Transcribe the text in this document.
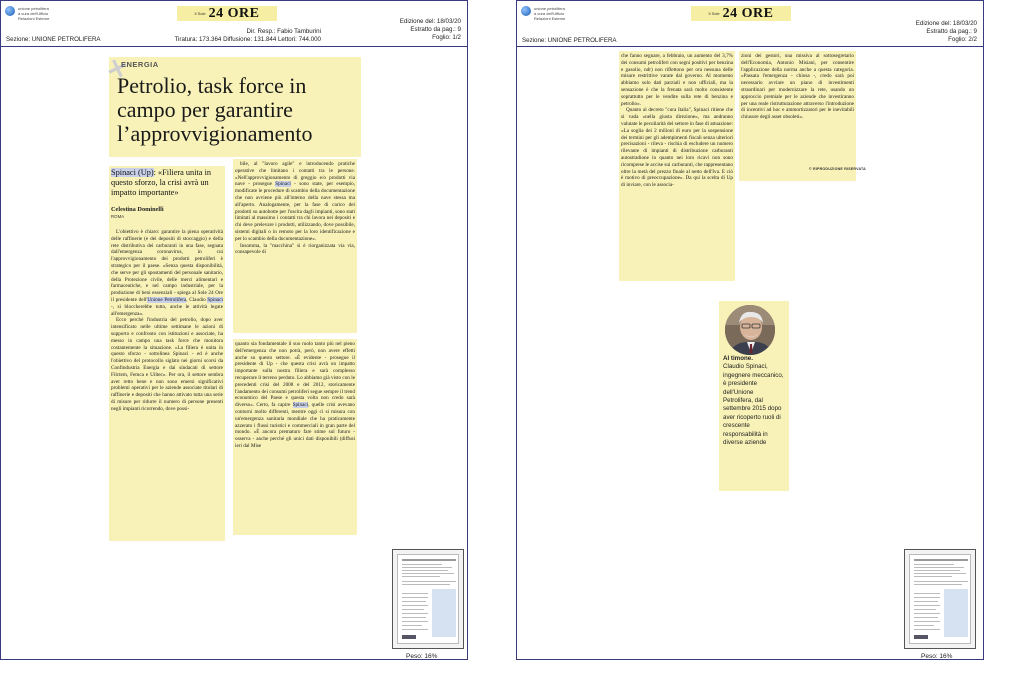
unione petrolifera
a cura dell'Ufficio
Relazioni Esterne
Il Sole 24 ORE
Dir. Resp.: Fabio Tamburini
Tiratura: 173.364 Diffusione: 131.844 Lettori: 744.000
Edizione del: 18/03/20
Estratto da pag.: 9
Foglio: 1/2
Sezione: UNIONE PETROLIFERA
✕
ENERGIA
Petrolio, task force in campo per garantire l’approvvigionamento
Spinaci (Up): «Filiera unita in questo sforzo, la crisi avrà un impatto importante»
Celestina Dominelli
ROMA

L'obiettivo è chiaro: garantire la piena operatività delle raffinerie (e dei depositi di stoccaggio) e della rete distributiva dei carburanti in una fase, segnata dall'emergenza coronavirus, in cui l'approvvigionamento dei prodotti petroliferi è strategico per il paese. «Senza questa disponibilità, che serve per gli spostamenti del personale sanitario, della Protezione civile, delle merci alimentari e farmaceutiche, e nel campo industriale, per la produzione di beni essenziali - spiega al Sole 24 Ore il presidente dell'Unione Petrolifera, Claudio Spinaci -, si bloccherebbe tutto, anche le attività legate all'emergenza».

Ecco perché l'industria del petrolio, dopo aver intensificato nelle ultime settimane le azioni di supporto e confronto con istituzioni e associate, ha messo in campo una task force che monitora costantemente la situazione. «La filiera è unita in questo sforzo - sottolinea Spinaci - ed è anche l'obiettivo del protocollo siglato nei giorni scorsi da Confindustria Energia e dai sindacati di settore Filctem, Femca e Uiltec». Per ora, il settore sembra aver retto bene e non sono emersi significativi problemi operativi per le aziende associate titolari di raffinerie e depositi che hanno attivato tutta una serie di misure per ridurre il numero di persone presenti negli impianti ricorrendo, dove possi-

bile, al "lavoro agile" e introducendo pratiche operative che limitano i contatti tra le persone. «Nell'approvvigionamento di greggio e/o prodotti via nave - prosegue Spinaci - sono state, per esempio, modificate le procedure di scambio della documentazione che non avviene più all'interno della nave stessa ma all'aperto. Analogamente, per la fase di carico dei prodotti su autobotte per l'uscita dagli impianti, sono stati limitati al massimo i contatti tra chi lavora nei depositi e chi deve prelevare i prodotti, utilizzando, dove possibile, sistemi digitali o in remoto per la loro identificazione e per lo scambio della documentazione».

Insomma, la "macchina" si è riorganizzata via via, consapevole di

quanto sia fondamentale il suo ruolo tanto più nel pieno dell'emergenza che non potrà, però, non avere effetti anche su questo settore. «È evidente - prosegue il presidente di Up - che questa crisi avrà un impatto importante sulla nostra filiera e sarà complesso recuperare il terreno perduto. Lo abbiamo già visto con le precedenti crisi del 2008 e del 2012, storicamente l'andamento dei consumi petroliferi segue sempre il trend economico del Paese e questa volta non credo sarà diverso». Certo, fa capire Spinaci, quelle crisi avevano contorni molto differenti, mentre oggi ci si misura con un'emergenza sanitaria mondiale che ha praticamente azzerato i flussi turistici e commerciali in gran parte del mondo. «È ancora prematuro fare stime sul futuro - osserva - anche perché gli unici dati disponibili (diffusi ieri dal Mise

Peso: 16%
unione petrolifera
a cura dell'Ufficio
Relazioni Esterne
Il Sole 24 ORE
Edizione del: 18/03/20
Estratto da pag.: 9
Foglio: 2/2
Sezione: UNIONE PETROLIFERA

che fanno segnare, a febbraio, un aumento del 3,7% dei consumi petroliferi con segni positivi per benzina e gasolio, ndr) non riflettono per ora nessuna delle misure restrittive varate dal governo. Al momento abbiamo solo dati parziali e non ufficiali, ma la sensazione è che la frenata sarà molto consistente soprattutto per le vendite sulla rete di benzina e petrolio».

Quanto al decreto "cura Italia", Spinaci ritiene che si vada «nella giusta direzione», ma andranno valutate le peculiarità del settore in fase di attuazione: «La soglia dei 2 milioni di euro per la sospensione dei termini per gli adempimenti fiscali senza ulteriori precisazioni - rileva - rischia di escludere un numero rilevante di impianti di distribuzione carburanti autostradione in quanto nei loro ricavi non sono ricomprese le accise sui carburanti, che rappresentano oltre la metà del prezzo finale al netto dell'Iva. E ciò è motivo di preoccupazione». Da qui la scelta di Up di inviare, con le associa-

zioni dei gestori, una missiva al sottosegretario dell'Economia, Antonio Misiani, per consentire l'applicazione della norma anche a questa categoria. «Passata l'emergenza - chiosa -, credo sarà poi necessario avviare un piano di investimenti straordinari per modernizzare la rete, usando un approccio premiale per le aziende che investiranno per una reale ristrutturazione attraverso l'introduzione di incentivi ad hoc e ammortizzatori per le inevitabili chiusure degli asset obsoleti».

© RIPRODUZIONE RISERVATA
Al timone.
Claudio Spinaci, ingegnere meccanico, è presidente dell'Unione Petrolifera, dal settembre 2015 dopo aver ricoperto ruoli di crescente responsabilità in diverse aziende
Peso: 16%
